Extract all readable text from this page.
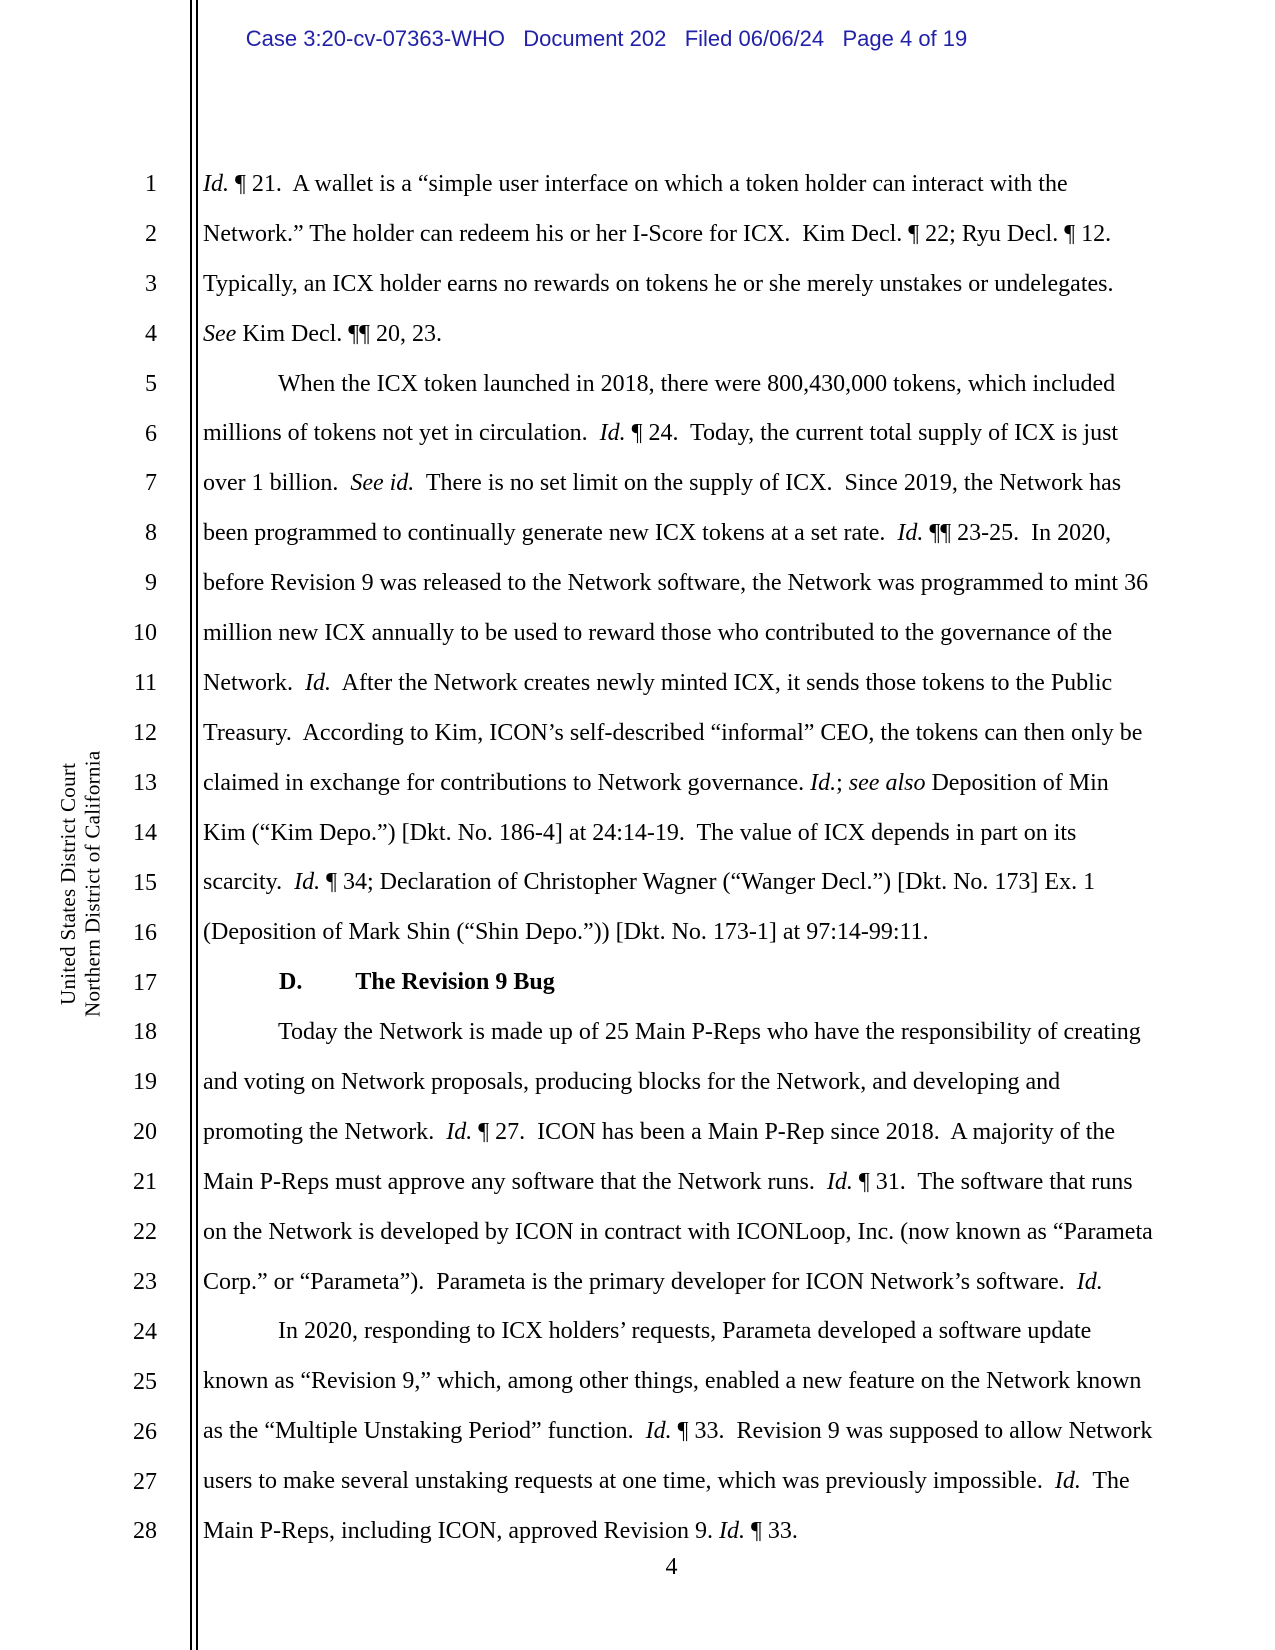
Case 3:20-cv-07363-WHO   Document 202   Filed 06/06/24   Page 4 of 19
United States District Court Northern District of California
1
2
3
4
5
6
7
8
9
10
11
12
13
14
15
16
17
18
19
20
21
22
23
24
25
26
27
28
Id. ¶ 21.  A wallet is a “simple user interface on which a token holder can interact with the
Network.” The holder can redeem his or her I-Score for ICX.  Kim Decl. ¶ 22; Ryu Decl. ¶ 12.
Typically, an ICX holder earns no rewards on tokens he or she merely unstakes or undelegates.
See Kim Decl. ¶¶ 20, 23.
When the ICX token launched in 2018, there were 800,430,000 tokens, which included
millions of tokens not yet in circulation.  Id. ¶ 24.  Today, the current total supply of ICX is just
over 1 billion.  See id.  There is no set limit on the supply of ICX.  Since 2019, the Network has
been programmed to continually generate new ICX tokens at a set rate.  Id. ¶¶ 23-25.  In 2020,
before Revision 9 was released to the Network software, the Network was programmed to mint 36
million new ICX annually to be used to reward those who contributed to the governance of the
Network.  Id.  After the Network creates newly minted ICX, it sends those tokens to the Public
Treasury.  According to Kim, ICON’s self-described “informal” CEO, the tokens can then only be
claimed in exchange for contributions to Network governance. Id.; see also Deposition of Min
Kim (“Kim Depo.”) [Dkt. No. 186-4] at 24:14-19.  The value of ICX depends in part on its
scarcity.  Id. ¶ 34; Declaration of Christopher Wagner (“Wanger Decl.”) [Dkt. No. 173] Ex. 1
(Deposition of Mark Shin (“Shin Depo.”)) [Dkt. No. 173-1] at 97:14-99:11.
D. The Revision 9 Bug
Today the Network is made up of 25 Main P-Reps who have the responsibility of creating
and voting on Network proposals, producing blocks for the Network, and developing and
promoting the Network.  Id. ¶ 27.  ICON has been a Main P-Rep since 2018.  A majority of the
Main P-Reps must approve any software that the Network runs.  Id. ¶ 31.  The software that runs
on the Network is developed by ICON in contract with ICONLoop, Inc. (now known as “Parameta
Corp.” or “Parameta”).  Parameta is the primary developer for ICON Network’s software.  Id.
In 2020, responding to ICX holders’ requests, Parameta developed a software update
known as “Revision 9,” which, among other things, enabled a new feature on the Network known
as the “Multiple Unstaking Period” function.  Id. ¶ 33.  Revision 9 was supposed to allow Network
users to make several unstaking requests at one time, which was previously impossible.  Id.  The
Main P-Reps, including ICON, approved Revision 9. Id. ¶ 33.
4
